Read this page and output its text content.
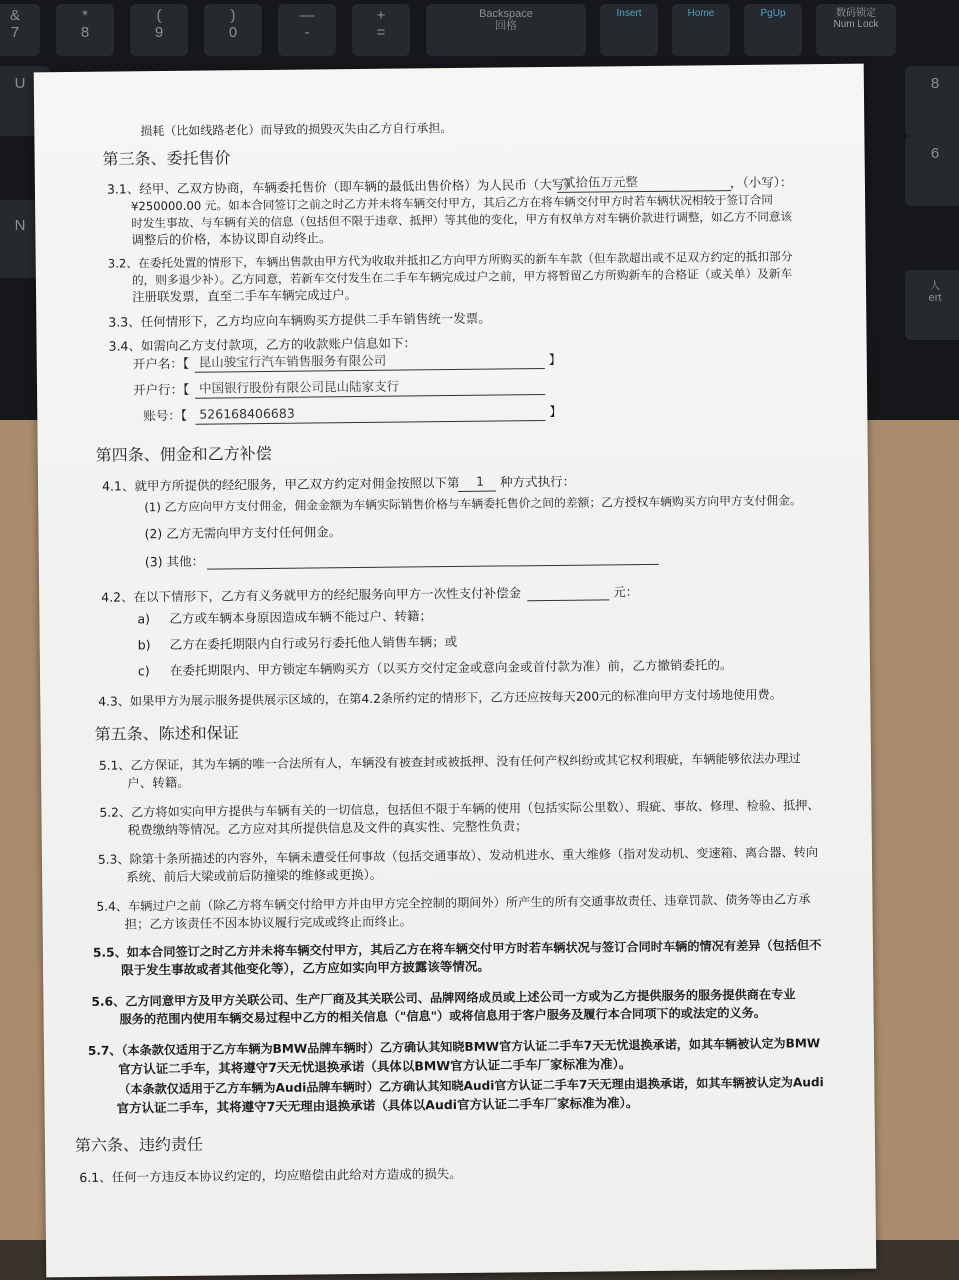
&
7
*
8
(
9
)
0
—
-
+
=
Backspace
回格
Insert	Home	PgUp	数码锁定
Num Lock
U
N
8
6
人
ert
损耗（比如线路老化）而导致的损毁灭失由乙方自行承担。
第三条、委托售价
3.1、经甲、乙双方协商，车辆委托售价（即车辆的最低出售价格）为人民币（大写）
贰拾伍万元整	，（小写）：
¥250000.00 元。如本合同签订之前之时乙方并未将车辆交付甲方，其后乙方在将车辆交付甲方时若车辆状况相较于签订合同
时发生事故、与车辆有关的信息（包括但不限于违章、抵押）等其他的变化，甲方有权单方对车辆价款进行调整，如乙方不同意该
调整后的价格，本协议即自动终止。
3.2、在委托处置的情形下，车辆出售款由甲方代为收取并抵扣乙方向甲方所购买的新车车款（但车款超出或不足双方约定的抵扣部分
的，则多退少补）。乙方同意，若新车交付发生在二手车车辆完成过户之前，甲方将暂留乙方所购新车的合格证（或关单）及新车
注册联发票，直至二手车车辆完成过户。
3.3、任何情形下，乙方均应向车辆购买方提供二手车销售统一发票。
3.4、如需向乙方支付款项，乙方的收款账户信息如下：
开户名：【 昆山骏宝行汽车销售服务有限公司	】
开户行：【 中国银行股份有限公司昆山陆家支行
账号：【 526168406683	】
第四条、佣金和乙方补偿
4.1、就甲方所提供的经纪服务，甲乙双方约定对佣金按照以下第 1 种方式执行：
(1) 乙方应向甲方支付佣金，佣金金额为车辆实际销售价格与车辆委托售价之间的差额；乙方授权车辆购买方向甲方支付佣金。
(2) 乙方无需向甲方支付任何佣金。
(3) 其他：
4.2、在以下情形下，乙方有义务就甲方的经纪服务向甲方一次性支付补偿金	元：
a) 乙方或车辆本身原因造成车辆不能过户、转籍；
b) 乙方在委托期限内自行或另行委托他人销售车辆；或
c) 在委托期限内、甲方锁定车辆购买方（以买方交付定金或意向金或首付款为准）前，乙方撤销委托的。
4.3、如果甲方为展示服务提供展示区域的，在第4.2条所约定的情形下，乙方还应按每天200元的标准向甲方支付场地使用费。
第五条、陈述和保证
5.1、乙方保证，其为车辆的唯一合法所有人，车辆没有被查封或被抵押、没有任何产权纠纷或其它权利瑕疵，车辆能够依法办理过
户、转籍。
5.2、乙方将如实向甲方提供与车辆有关的一切信息，包括但不限于车辆的使用（包括实际公里数）、瑕疵、事故、修理、检验、抵押、
税费缴纳等情况。乙方应对其所提供信息及文件的真实性、完整性负责；
5.3、除第十条所描述的内容外，车辆未遭受任何事故（包括交通事故）、发动机进水、重大维修（指对发动机、变速箱、离合器、转向
系统、前后大梁或前后防撞梁的维修或更换）。
5.4、车辆过户之前（除乙方将车辆交付给甲方并由甲方完全控制的期间外）所产生的所有交通事故责任、违章罚款、债务等由乙方承
担；乙方该责任不因本协议履行完成或终止而终止。
5.5、如本合同签订之时乙方并未将车辆交付甲方，其后乙方在将车辆交付甲方时若车辆状况与签订合同时车辆的情况有差异（包括但不
限于发生事故或者其他变化等），乙方应如实向甲方披露该等情况。
5.6、乙方同意甲方及甲方关联公司、生产厂商及其关联公司、品牌网络成员或上述公司一方或为乙方提供服务的服务提供商在专业
服务的范围内使用车辆交易过程中乙方的相关信息（"信息"）或将信息用于客户服务及履行本合同项下的或法定的义务。
5.7、（本条款仅适用于乙方车辆为BMW品牌车辆时）乙方确认其知晓BMW官方认证二手车7天无忧退换承诺，如其车辆被认定为BMW
官方认证二手车，其将遵守7天无忧退换承诺（具体以BMW官方认证二手车厂家标准为准）。
（本条款仅适用于乙方车辆为Audi品牌车辆时）乙方确认其知晓Audi官方认证二手车7天无理由退换承诺，如其车辆被认定为Audi
官方认证二手车，其将遵守7天无理由退换承诺（具体以Audi官方认证二手车厂家标准为准）。
第六条、违约责任
6.1、任何一方违反本协议约定的，均应赔偿由此给对方造成的损失。
